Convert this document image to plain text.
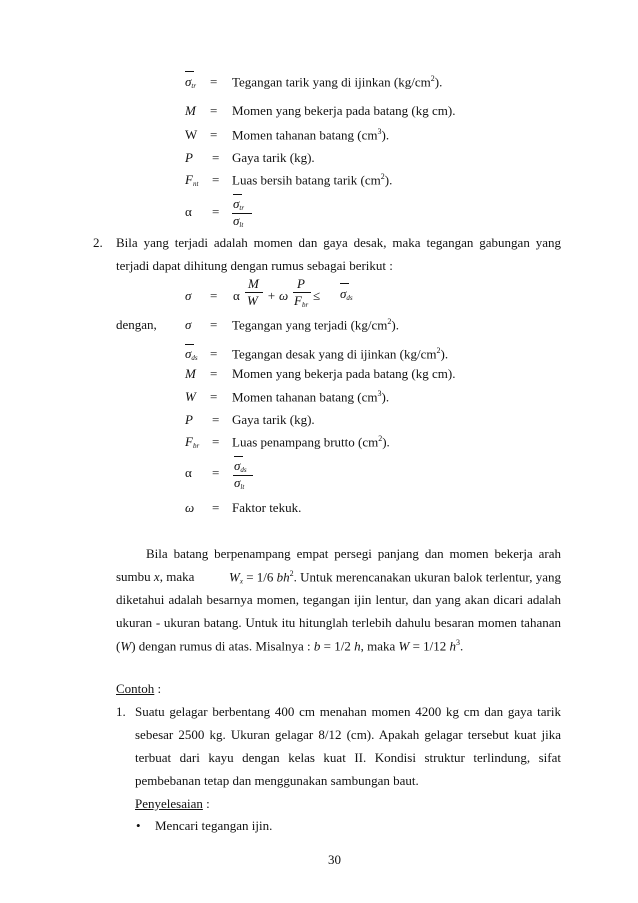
$\sigma_{tr}$ = Tegangan tarik yang di ijinkan $(kg/cm^2)$.
M = Momen yang bekerja pada batang (kg cm).
W = Momen tahanan batang $(cm^3)$.
P = Gaya tarik (kg).
$F_{nt}$ = Luas bersih batang tarik $(cm^2)$.
α =
$\sigma_{tr}$
$\sigma_{lt}$
2. Bila yang terjadi adalah momen dan gaya desak, maka tegangan gabungan yang
terjadi dapat dihitung dengan rumus sebagai berikut :
σ = α
M
W + ω
P
$F_{br}$
≤ $\sigma_{ds}$
dengan, σ = Tegangan yang terjadi $(kg/cm^2)$.
$\sigma_{ds}$ = Tegangan desak yang di ijinkan $(kg/cm^2)$.
M = Momen yang bekerja pada batang (kg cm).
W = Momen tahanan batang $(cm^3)$.
P = Gaya tarik (kg).
$F_{br}$ = Luas penampang brutto $(cm^2)$.
$\alpha = \sigma_{ds}$
$\sigma_{lt}$
ω = Faktor tekuk.
Bila batang berpenampang empat persegi panjang dan momen bekerja arah
sumbu x, maka	$W_x = 1/6$ $bh^2$. Untuk merencanakan ukuran balok terlentur, yang
diketahui adalah besarnya momen, tegangan ijin lentur, dan yang akan dicari adalah
ukuran - ukuran batang. Untuk itu hitunglah terlebih dahulu besaran momen tahanan
(W) dengan rumus di atas. Misalnya : b = 1/2 h, maka W = 1/12 $h^3$.
Contoh :
1. Suatu gelagar berbentang 400 cm menahan momen 4200 kg cm dan gaya tarik
sebesar 2500 kg. Ukuran gelagar 8/12 (cm). Apakah gelagar tersebut kuat jika
terbuat dari kayu dengan kelas kuat II. Kondisi struktur terlindung, sifat
pembebanan tetap dan menggunakan sambungan baut.
Penyelesaian :
• Mencari tegangan ijin.
30
